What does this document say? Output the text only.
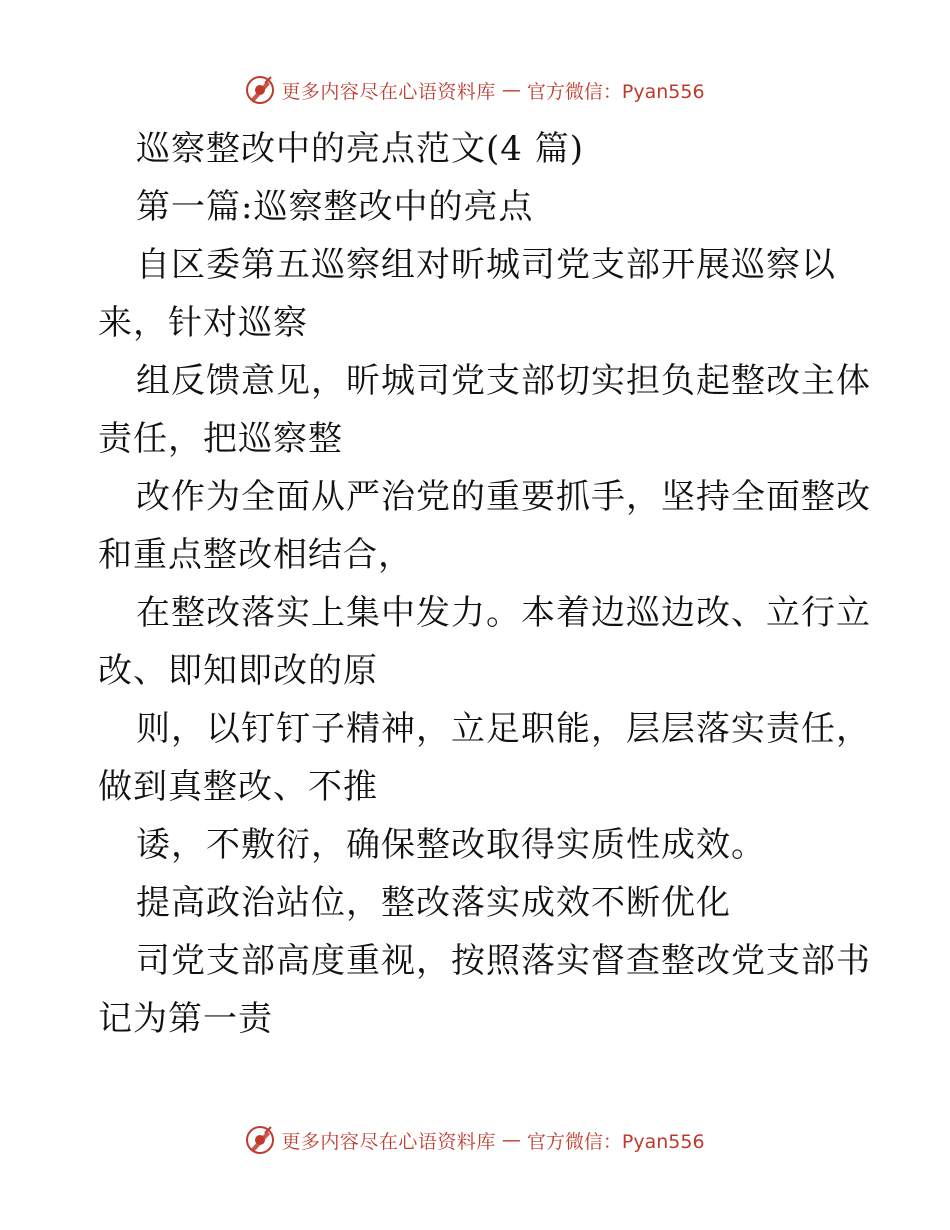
更多内容尽在心语资料库 — 官方微信：Pyan556
巡察整改中的亮点范文(4 篇)
第一篇:巡察整改中的亮点
自区委第五巡察组对昕城司党支部开展巡察以
来，针对巡察
组反馈意见，昕城司党支部切实担负起整改主体
责任，把巡察整
改作为全面从严治党的重要抓手，坚持全面整改
和重点整改相结合，
在整改落实上集中发力。本着边巡边改、立行立
改、即知即改的原
则，以钉钉子精神，立足职能，层层落实责任，
做到真整改、不推
诿，不敷衍，确保整改取得实质性成效。
提高政治站位，整改落实成效不断优化
司党支部高度重视，按照落实督查整改党支部书
记为第一责
更多内容尽在心语资料库 — 官方微信：Pyan556
